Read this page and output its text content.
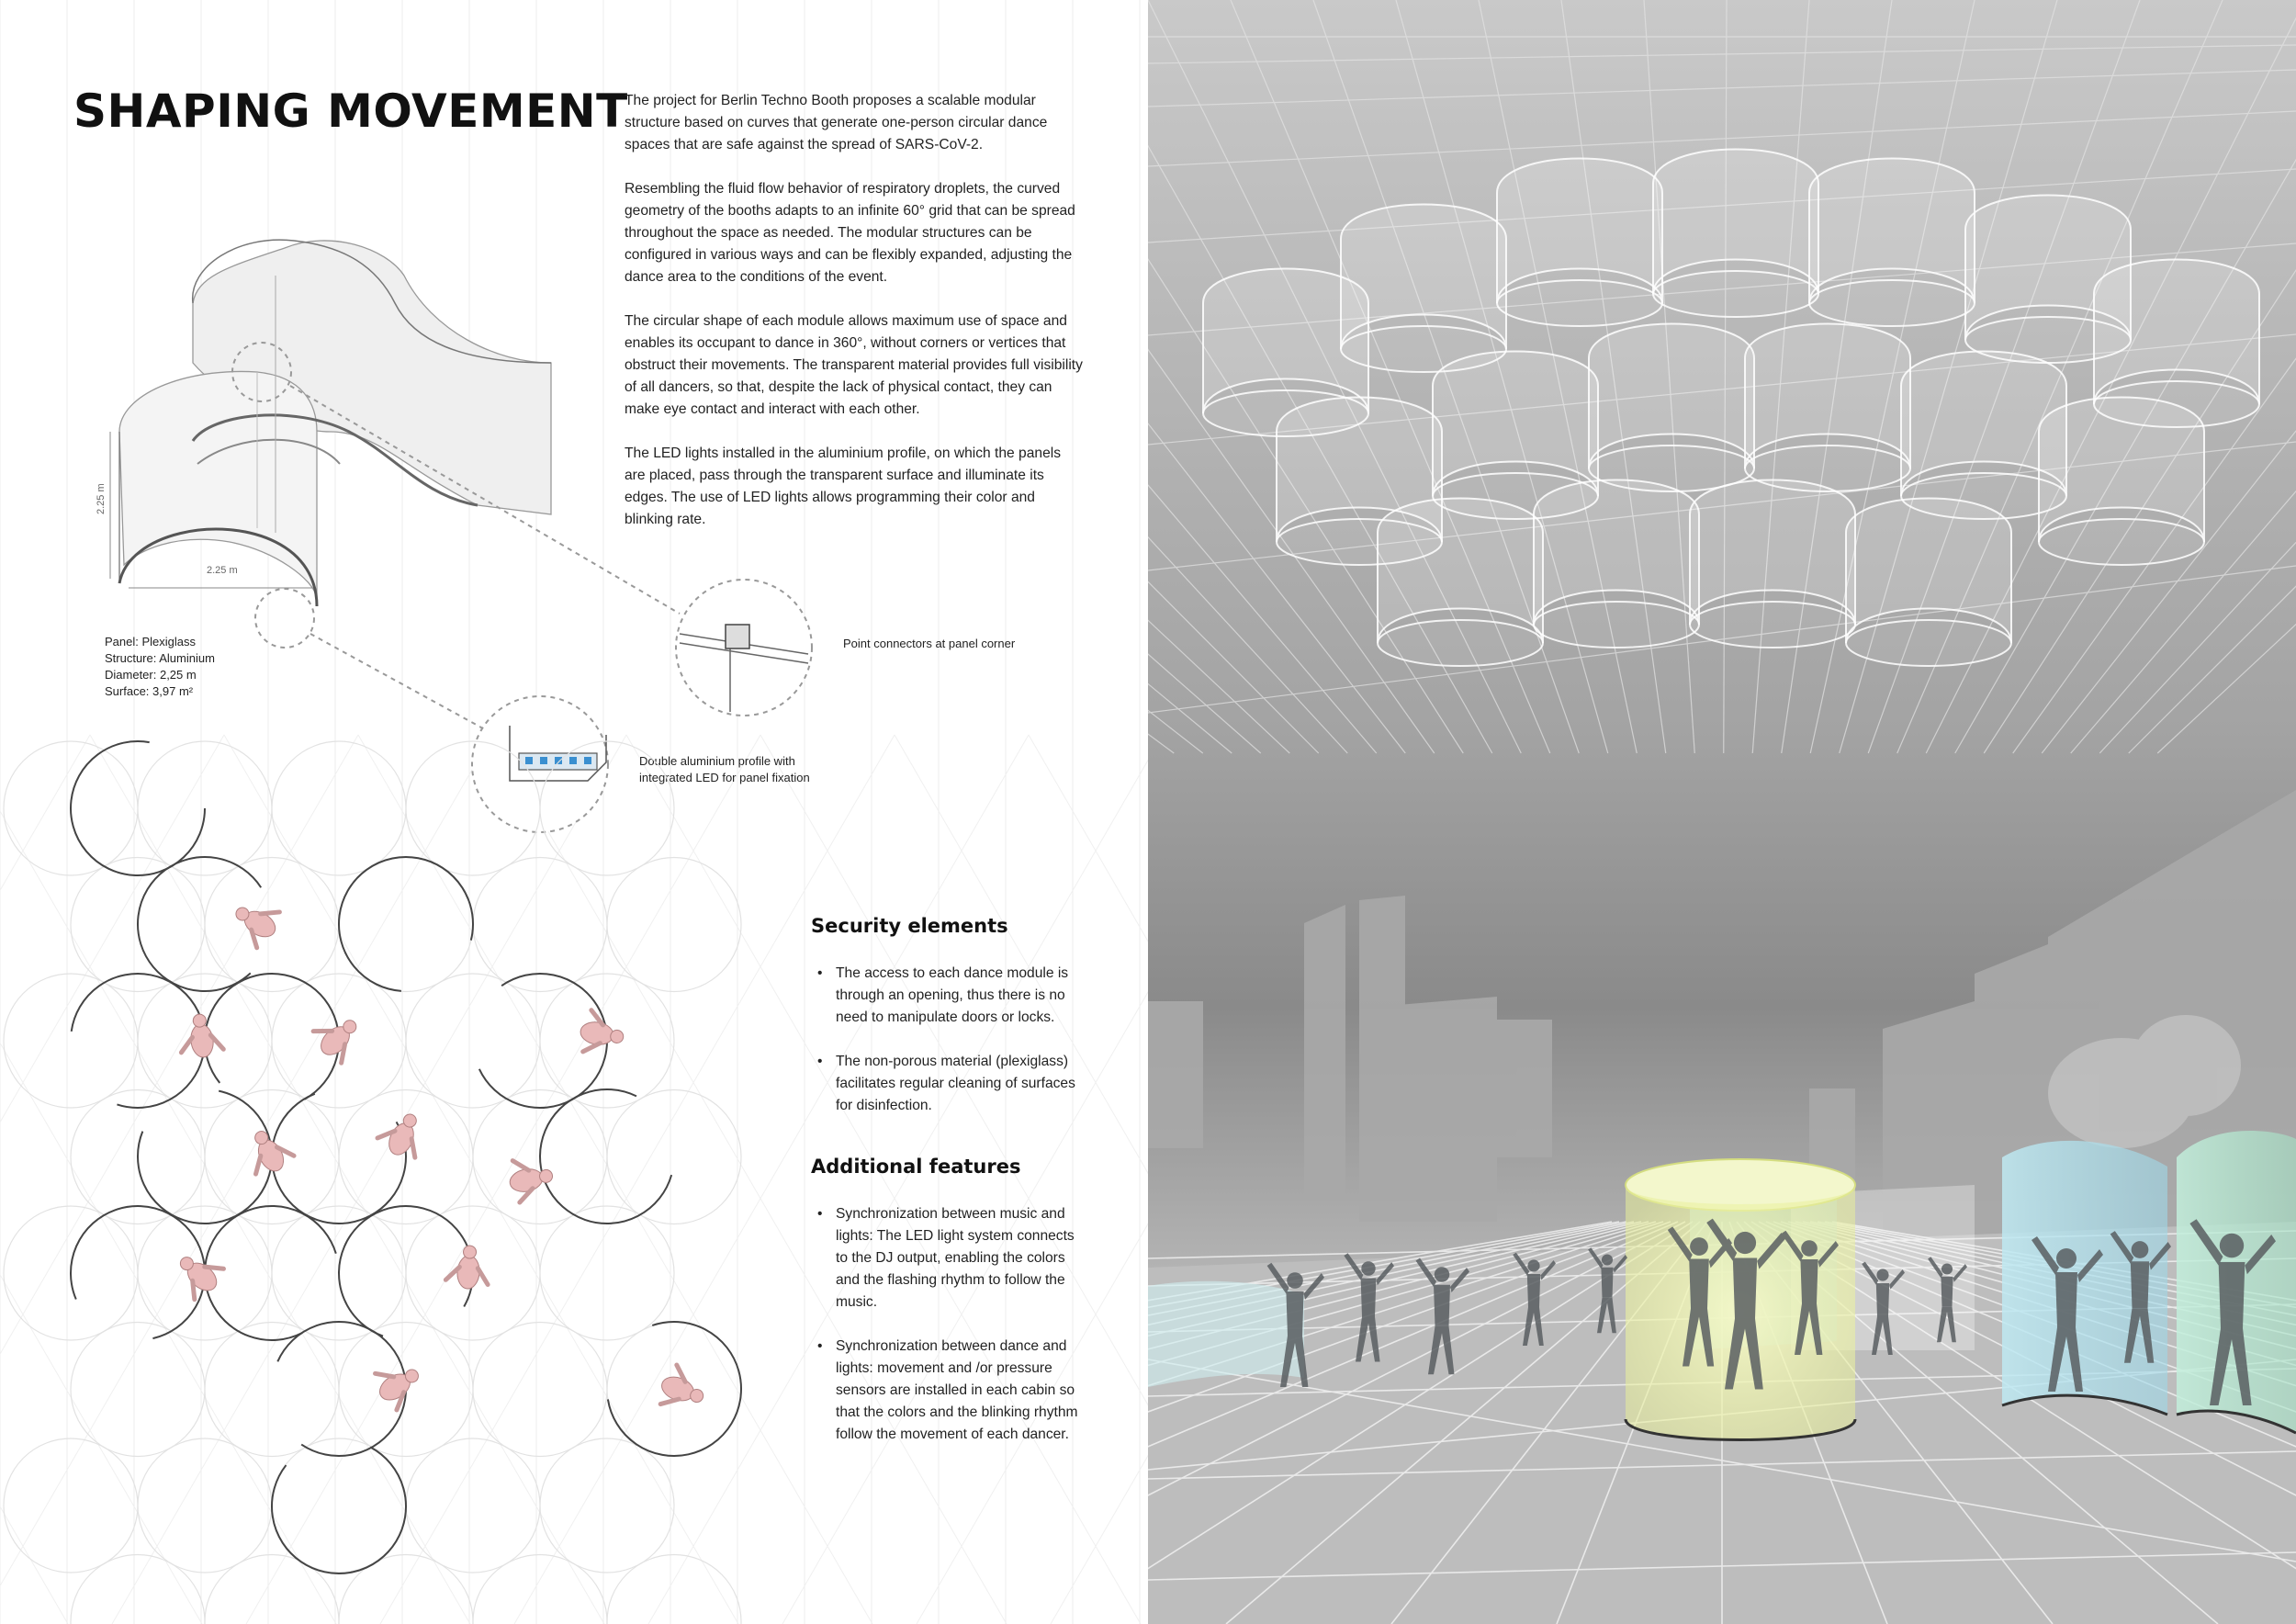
SHAPING MOVEMENT

The project for Berlin Techno Booth proposes a scalable modular structure based on curves that generate one-person circular dance spaces that are safe against the spread of SARS-CoV-2.

Resembling the fluid flow behavior of respiratory droplets, the curved geometry of the booths adapts to an infinite 60° grid that can be spread throughout the space as needed. The modular structures can be configured in various ways and can be flexibly expanded, adjusting the dance area to the conditions of the event.

The circular shape of each module allows maximum use of space and enables its occupant to dance in 360°, without corners or vertices that obstruct their movements. The transparent material provides full visibility of all dancers, so that, despite the lack of physical contact, they can make eye contact and interact with each other.

The LED lights installed in the aluminium profile, on which the panels are placed, pass through the transparent surface and illuminate its edges. The use of LED lights allows programming their color and blinking rate.

2.25 m
2.25 m
Panel: Plexiglass
Structure: Aluminium
Diameter: 2,25 m
Surface: 3,97 m²
Point connectors at panel corner
Double aluminium profile with
integrated LED for panel fixation
Security elements
• The access to each dance module is through an opening, thus there is no need to manipulate doors or locks.
• The non-porous material (plexiglass) facilitates regular cleaning of surfaces for disinfection.
Additional features
• Synchronization between music and lights: The LED light system connects to the DJ output, enabling the colors and the flashing rhythm to follow the music.
• Synchronization between dance and lights: movement and /or pressure sensors are installed in each cabin so that the colors and the blinking rhythm follow the movement of each dancer.
